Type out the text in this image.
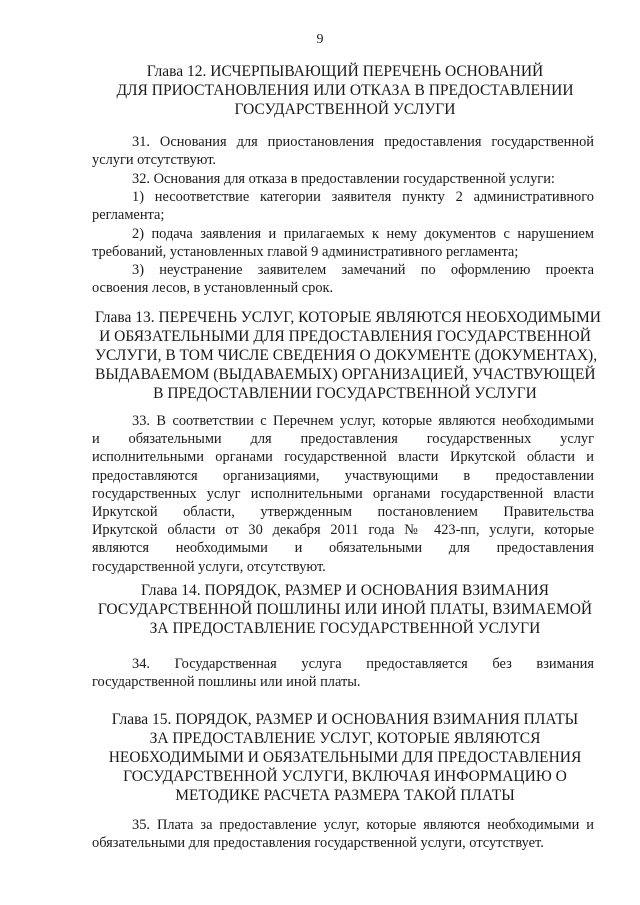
9
Глава 12. ИСЧЕРПЫВАЮЩИЙ ПЕРЕЧЕНЬ ОСНОВАНИЙ
ДЛЯ ПРИОСТАНОВЛЕНИЯ ИЛИ ОТКАЗА В ПРЕДОСТАВЛЕНИИ
ГОСУДАРСТВЕННОЙ УСЛУГИ
31. Основания для приостановления предоставления государственной
услуги отсутствуют.
32. Основания для отказа в предоставлении государственной услуги:
1) несоответствие категории заявителя пункту 2 административного
регламента;
2) подача заявления и прилагаемых к нему документов с нарушением
требований, установленных главой 9 административного регламента;
3) неустранение заявителем замечаний по оформлению проекта
освоения лесов, в установленный срок.
Глава 13. ПЕРЕЧЕНЬ УСЛУГ, КОТОРЫЕ ЯВЛЯЮТСЯ НЕОБХОДИМЫМИ
И ОБЯЗАТЕЛЬНЫМИ ДЛЯ ПРЕДОСТАВЛЕНИЯ ГОСУДАРСТВЕННОЙ
УСЛУГИ, В ТОМ ЧИСЛЕ СВЕДЕНИЯ О ДОКУМЕНТЕ (ДОКУМЕНТАХ),
ВЫДАВАЕМОМ (ВЫДАВАЕМЫХ) ОРГАНИЗАЦИЕЙ, УЧАСТВУЮЩЕЙ
В ПРЕДОСТАВЛЕНИИ ГОСУДАРСТВЕННОЙ УСЛУГИ
33. В соответствии с Перечнем услуг, которые являются необходимыми
и обязательными для предоставления государственных услуг
исполнительными органами государственной власти Иркутской области и
предоставляются организациями, участвующими в предоставлении
государственных услуг исполнительными органами государственной власти
Иркутской области, утвержденным постановлением Правительства
Иркутской области от 30 декабря 2011 года № 423-пп, услуги, которые
являются необходимыми и обязательными для предоставления
государственной услуги, отсутствуют.
Глава 14. ПОРЯДОК, РАЗМЕР И ОСНОВАНИЯ ВЗИМАНИЯ
ГОСУДАРСТВЕННОЙ ПОШЛИНЫ ИЛИ ИНОЙ ПЛАТЫ, ВЗИМАЕМОЙ
ЗА ПРЕДОСТАВЛЕНИЕ ГОСУДАРСТВЕННОЙ УСЛУГИ
34. Государственная услуга предоставляется без взимания
государственной пошлины или иной платы.
Глава 15. ПОРЯДОК, РАЗМЕР И ОСНОВАНИЯ ВЗИМАНИЯ ПЛАТЫ
ЗА ПРЕДОСТАВЛЕНИЕ УСЛУГ, КОТОРЫЕ ЯВЛЯЮТСЯ
НЕОБХОДИМЫМИ И ОБЯЗАТЕЛЬНЫМИ ДЛЯ ПРЕДОСТАВЛЕНИЯ
ГОСУДАРСТВЕННОЙ УСЛУГИ, ВКЛЮЧАЯ ИНФОРМАЦИЮ О
МЕТОДИКЕ РАСЧЕТА РАЗМЕРА ТАКОЙ ПЛАТЫ
35. Плата за предоставление услуг, которые являются необходимыми и
обязательными для предоставления государственной услуги, отсутствует.
